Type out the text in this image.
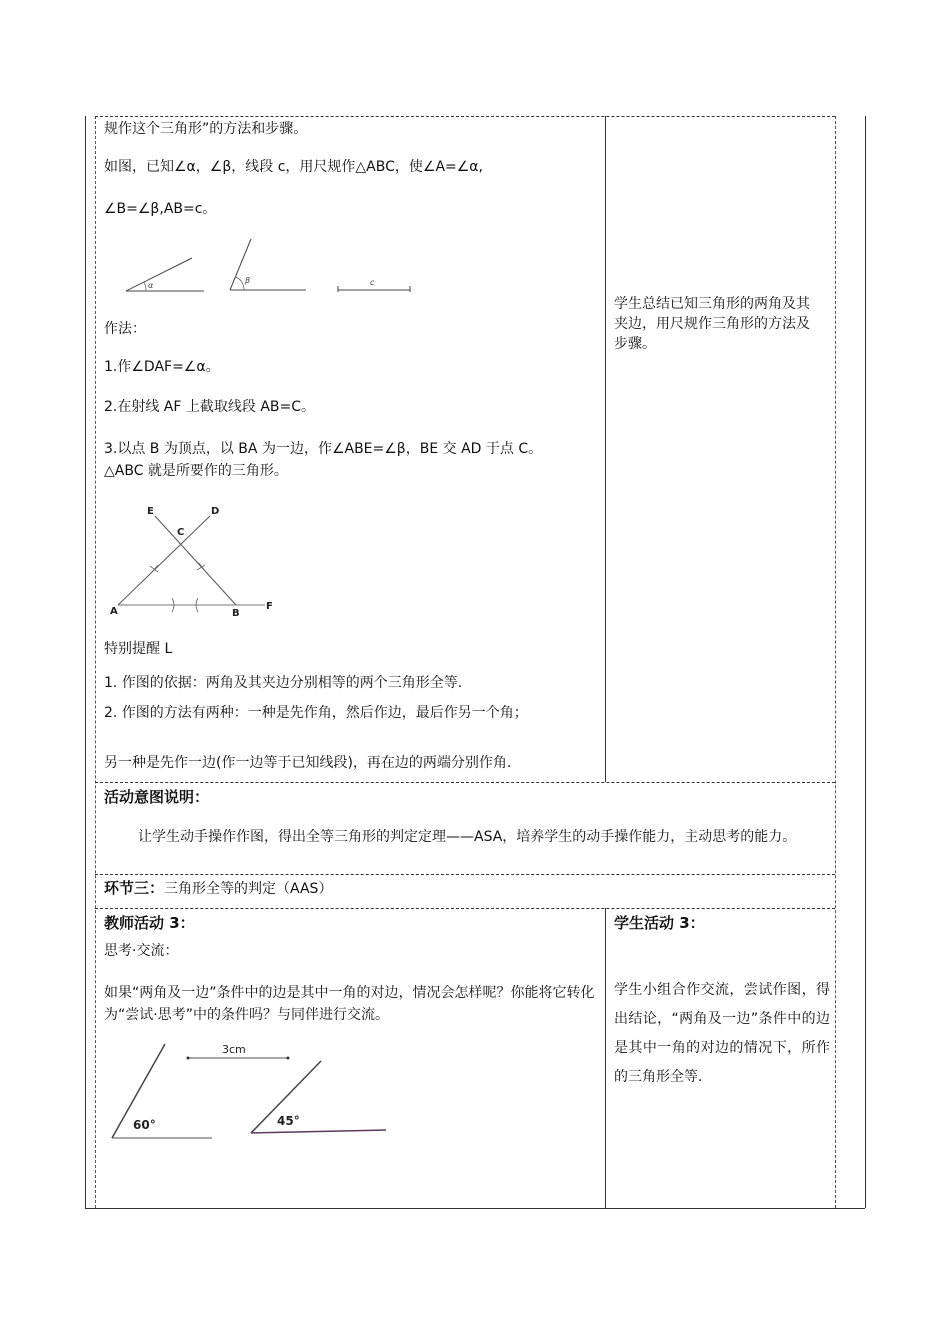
规作这个三角形”的方法和步骤。
如图，已知∠α，∠β，线段 c，用尺规作△ABC，使∠A=∠α,
∠B=∠β,AB=c。
α
β	c
作法：
1.作∠DAF=∠α。
2.在射线 AF 上截取线段 AB=C。
3.以点 B 为顶点，以 BA 为一边，作∠ABE=∠β，BE 交 AD 于点 C。
△ABC 就是所要作的三角形。
E	D
C
A	B
F
特别提醒 L
1. 作图的依据：两角及其夹边分别相等的两个三角形全等.
2. 作图的方法有两种：一种是先作角，然后作边，最后作另一个角；
另一种是先作一边(作一边等于已知线段)，再在边的两端分别作角.
学生总结已知三角形的两角及其夹边，用尺规作三角形的方法及步骤。
活动意图说明：
让学生动手操作作图，得出全等三角形的判定定理——ASA，培养学生的动手操作能力，主动思考的能力。
环节三：三角形全等的判定（AAS）
教师活动 3：
思考·交流：
如果“两角及一边”条件中的边是其中一角的对边，情况会怎样呢？你能将它转化为“尝试·思考”中的条件吗？与同伴进行交流。
60°
3cm
45°
学生活动 3：
学生小组合作交流，尝试作图，得出结论，“两角及一边”条件中的边是其中一角的对边的情况下，所作的三角形全等.
